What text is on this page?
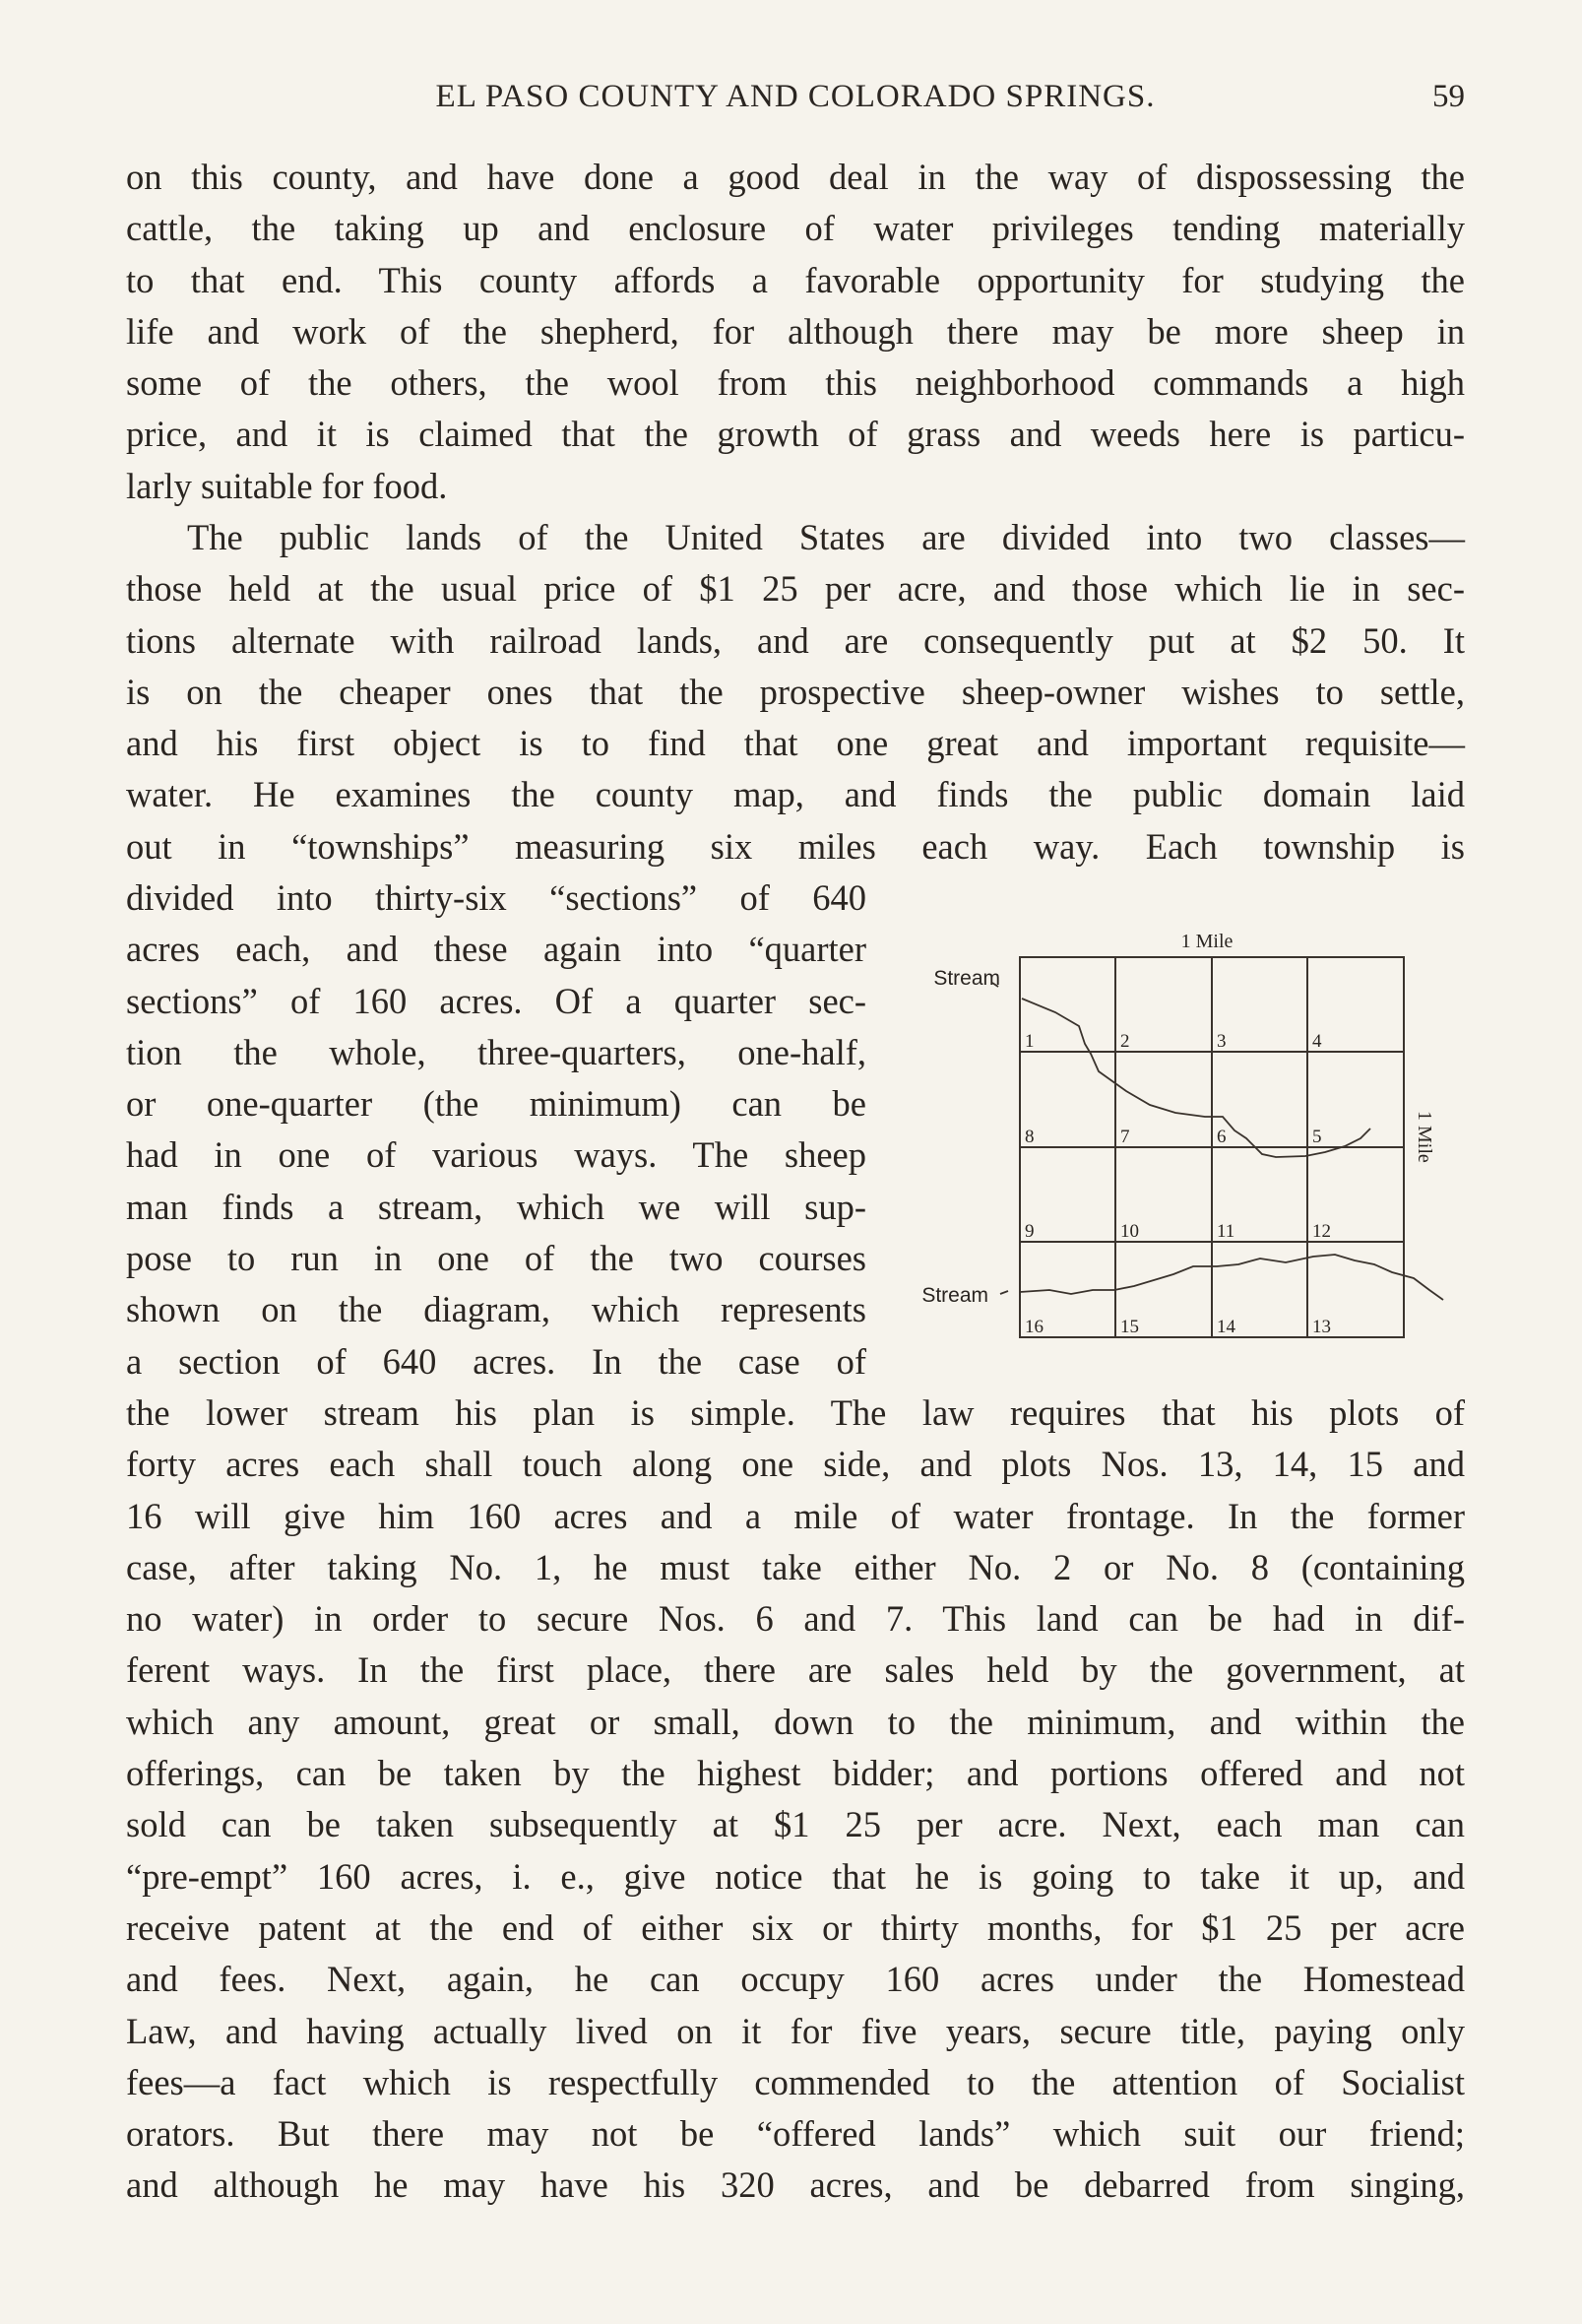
EL PASO COUNTY AND COLORADO SPRINGS.	59
on this county, and have done a good deal in the way of dispossessing the
cattle, the taking up and enclosure of water privileges tending materially
to that end. This county affords a favorable opportunity for studying the
life and work of the shepherd, for although there may be more sheep in
some of the others, the wool from this neighborhood commands a high
price, and it is claimed that the growth of grass and weeds here is particu-
larly suitable for food.
The public lands of the United States are divided into two classes—
those held at the usual price of $1 25 per acre, and those which lie in sec-
tions alternate with railroad lands, and are consequently put at $2 50. It
is on the cheaper ones that the prospective sheep-owner wishes to settle,
and his first object is to find that one great and important requisite—
water. He examines the county map, and finds the public domain laid
out in “townships” measuring six miles each way. Each township is
divided into thirty-six “sections” of 640
acres each, and these again into “quarter
sections” of 160 acres. Of a quarter sec-
tion the whole, three-quarters, one-half,
or one-quarter (the minimum) can be
had in one of various ways. The sheep
man finds a stream, which we will sup-
pose to run in one of the two courses
shown on the diagram, which represents
a section of 640 acres. In the case of
the lower stream his plan is simple. The law requires that his plots of
forty acres each shall touch along one side, and plots Nos. 13, 14, 15 and
16 will give him 160 acres and a mile of water frontage. In the former
case, after taking No. 1, he must take either No. 2 or No. 8 (containing
no water) in order to secure Nos. 6 and 7. This land can be had in dif-
ferent ways. In the first place, there are sales held by the government, at
which any amount, great or small, down to the minimum, and within the
offerings, can be taken by the highest bidder; and portions offered and not
sold can be taken subsequently at $1 25 per acre. Next, each man can
“pre-empt” 160 acres, i. e., give notice that he is going to take it up, and
receive patent at the end of either six or thirty months, for $1 25 per acre
and fees. Next, again, he can occupy 160 acres under the Homestead
Law, and having actually lived on it for five years, secure title, paying only
fees—a fact which is respectfully commended to the attention of Socialist
orators. But there may not be “offered lands” which suit our friend;
and although he may have his 320 acres, and be debarred from singing,
1 Mile
1 Mile
Stream
Stream
1	2	3	4
8	7	6	5
9	10	11	12
16	15	14	13
